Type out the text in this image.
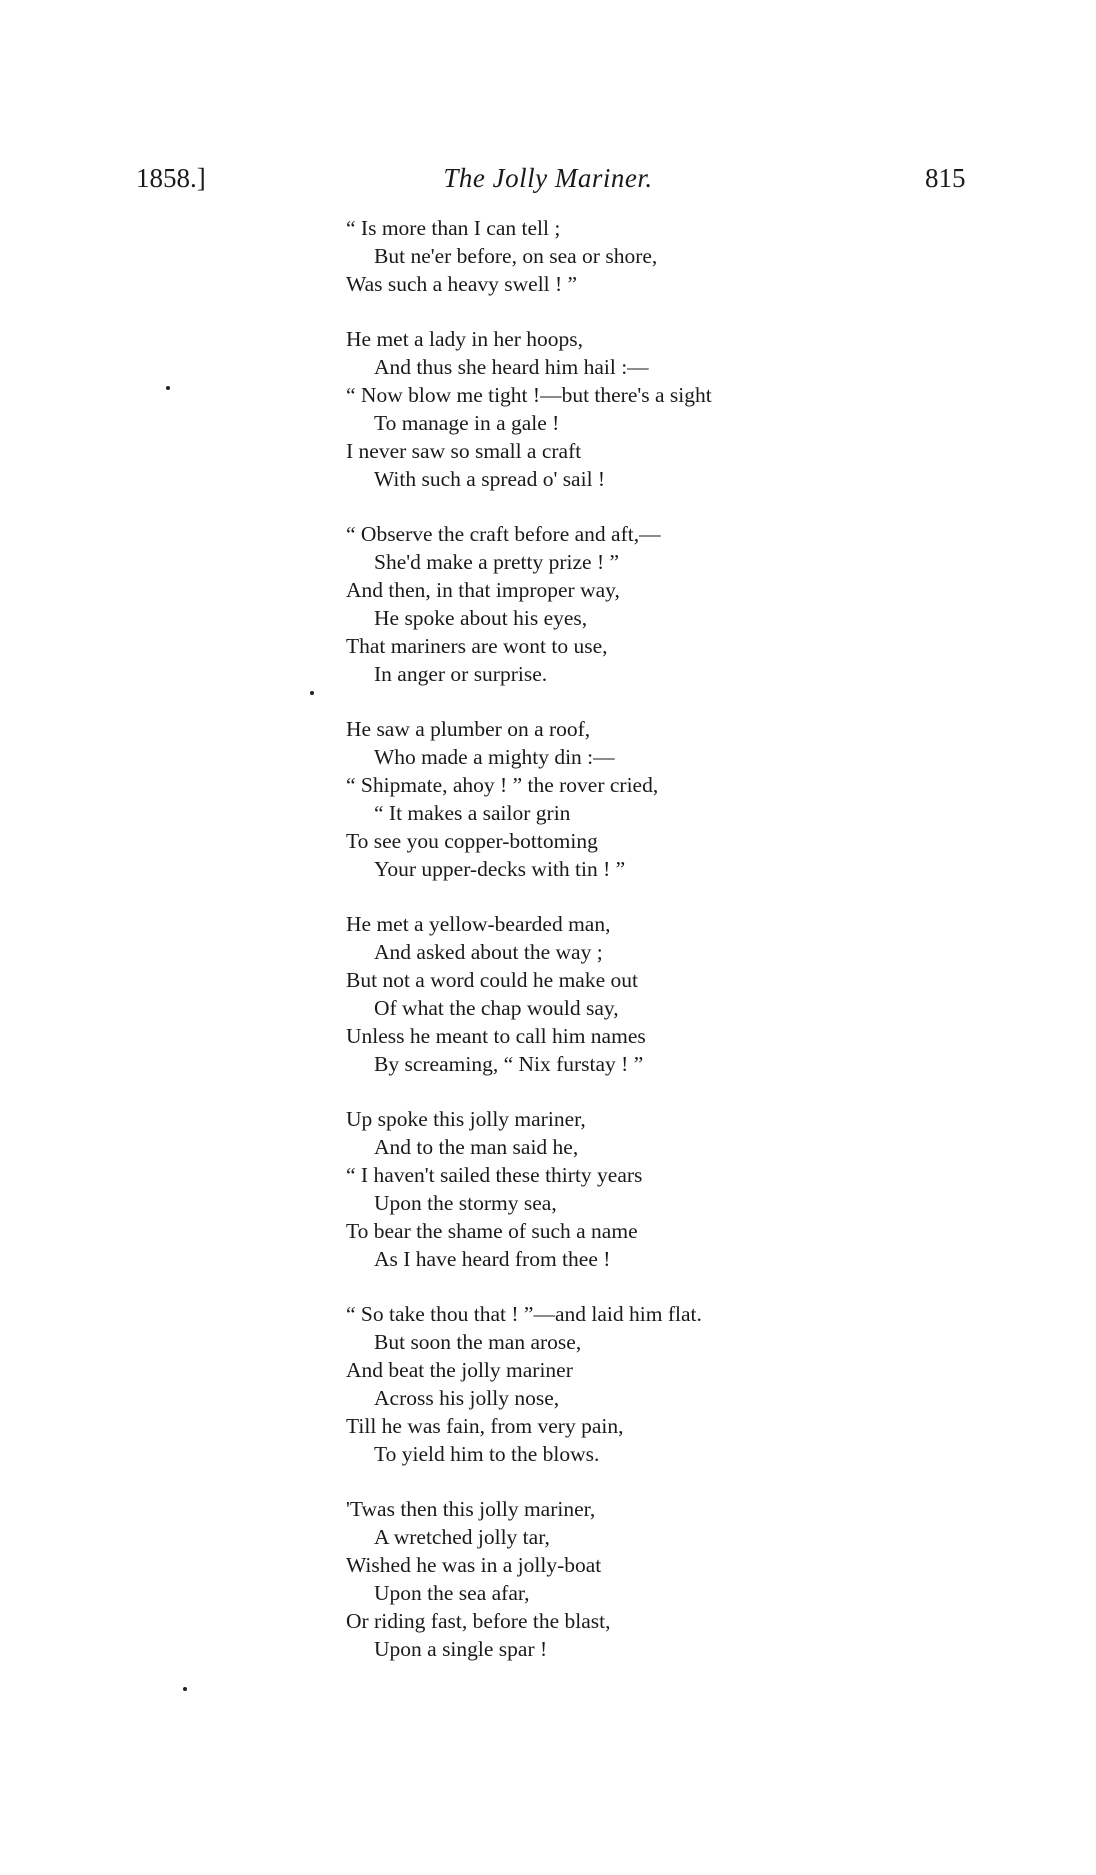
1858.]	The Jolly Mariner.	815
“ Is more than I can tell ;
But ne'er before, on sea or shore,
Was such a heavy swell ! ”
He met a lady in her hoops,
And thus she heard him hail :—
“ Now blow me tight !—but there's a sight
To manage in a gale !
I never saw so small a craft
With such a spread o' sail !
“ Observe the craft before and aft,—
She'd make a pretty prize ! ”
And then, in that improper way,
He spoke about his eyes,
That mariners are wont to use,
In anger or surprise.
He saw a plumber on a roof,
Who made a mighty din :—
“ Shipmate, ahoy ! ” the rover cried,
“ It makes a sailor grin
To see you copper-bottoming
Your upper-decks with tin ! ”
He met a yellow-bearded man,
And asked about the way ;
But not a word could he make out
Of what the chap would say,
Unless he meant to call him names
By screaming, “ Nix furstay ! ”
Up spoke this jolly mariner,
And to the man said he,
“ I haven't sailed these thirty years
Upon the stormy sea,
To bear the shame of such a name
As I have heard from thee !
“ So take thou that ! ”—and laid him flat.
But soon the man arose,
And beat the jolly mariner
Across his jolly nose,
Till he was fain, from very pain,
To yield him to the blows.
'Twas then this jolly mariner,
A wretched jolly tar,
Wished he was in a jolly-boat
Upon the sea afar,
Or riding fast, before the blast,
Upon a single spar !
